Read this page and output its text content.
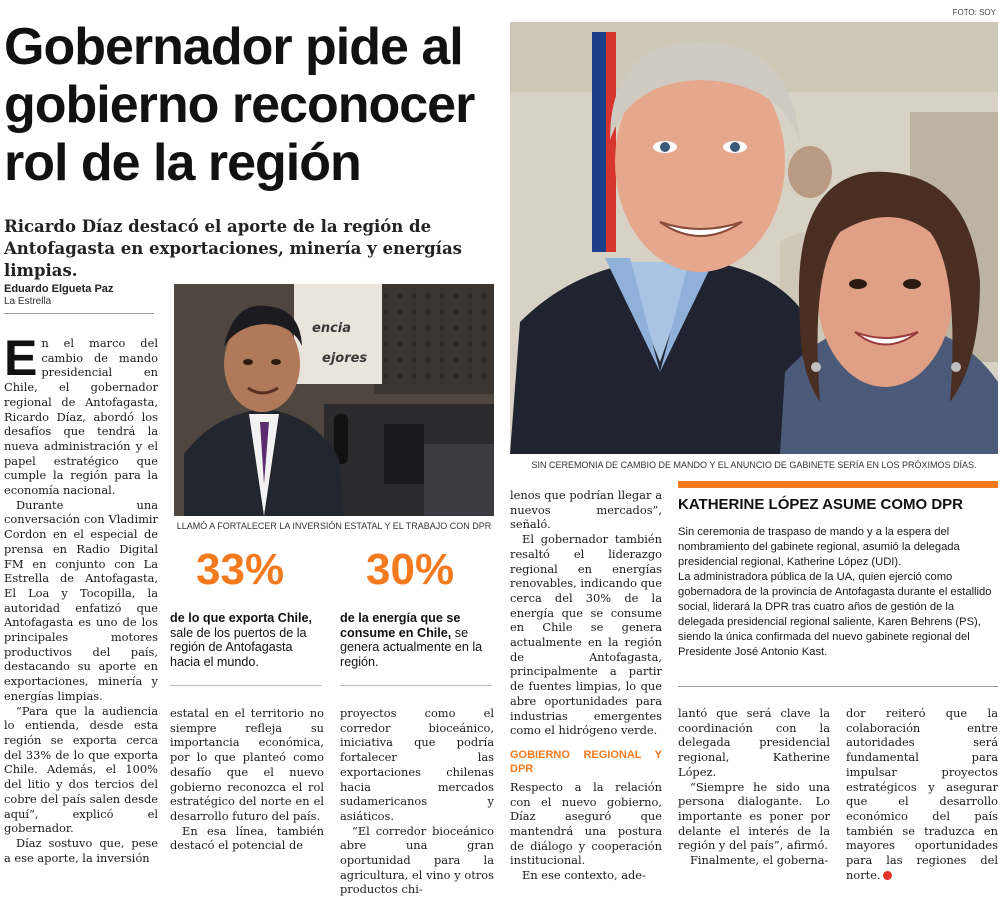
FOTO: SOY
Gobernador pide al gobierno reconocer rol de la región
Ricardo Díaz destacó el aporte de la región de Antofagasta en exportaciones, minería y energías limpias.
Eduardo Elgueta Paz
La Estrella

En el marco del cambio de mando presidencial en Chile, el gobernador regional de Antofagasta, Ricardo Díaz, abordó los desafíos que tendrá la nueva administración y el papel estratégico que cumple la región para la economía nacional.

Durante una conversación con Vladimir Cordon en el especial de prensa en Radio Digital FM en conjunto con La Estrella de Antofagasta, El Loa y Tocopilla, la autoridad enfatizó que Antofagasta es uno de los principales motores productivos del país, destacando su aporte en exportaciones, minería y energías limpias.

“Para que la audiencia lo entienda, desde esta región se exporta cerca del 33% de lo que exporta Chile. Además, el 100% del litio y dos tercios del cobre del país salen desde aquí”, explicó el gobernador.

Díaz sostuvo que, pese a ese aporte, la inversión

encia
ejores
LLAMÓ A FORTALECER LA INVERSIÓN ESTATAL Y EL TRABAJO CON DPR
33%
de lo que exporta Chile, sale de los puertos de la región de Antofagasta hacia el mundo.
30%
de la energía que se consume en Chile, se genera actualmente en la región.

estatal en el territorio no siempre refleja su importancia económica, por lo que planteó como desafío que el nuevo gobierno reconozca el rol estratégico del norte en el desarrollo futuro del país.

En esa línea, también destacó el potencial de

proyectos como el corredor bioceánico, iniciativa que podría fortalecer las exportaciones chilenas hacia mercados sudamericanos y asiáticos.

“El corredor bioceánico abre una gran oportunidad para la agricultura, el vino y otros productos chi-

lenos que podrían llegar a nuevos mercados”, señaló.

El gobernador también resaltó el liderazgo regional en energías renovables, indicando que cerca del 30% de la energía que se consume en Chile se genera actualmente en la región de Antofagasta, principalmente a partir de fuentes limpias, lo que abre oportunidades para industrias emergentes como el hidrógeno verde.

GOBIERNO REGIONAL Y DPR

Respecto a la relación con el nuevo gobierno, Díaz aseguró que mantendrá una postura de diálogo y cooperación institucional.

En ese contexto, ade-

SIN CEREMONIA DE CAMBIO DE MANDO Y EL ANUNCIO DE GABINETE SERÍA EN LOS PRÓXIMOS DÍAS.
KATHERINE LÓPEZ ASUME COMO DPR

Sin ceremonia de traspaso de mando y a la espera del nombramiento del gabinete regional, asumió la delegada presidencial regional, Katherine López (UDI).

La administradora pública de la UA, quien ejerció como gobernadora de la provincia de Antofagasta durante el estallido social, liderará la DPR tras cuatro años de gestión de la delegada presidencial regional saliente, Karen Behrens (PS), siendo la única confirmada del nuevo gabinete regional del Presidente José Antonio Kast.

lantó que será clave la coordinación con la delegada presidencial regional, Katherine López.

“Siempre he sido una persona dialogante. Lo importante es poner por delante el interés de la región y del país”, afirmó.

Finalmente, el goberna-

dor reiteró que la colaboración entre autoridades será fundamental para impulsar proyectos estratégicos y asegurar que el desarrollo económico del país también se traduzca en mayores oportunidades para las regiones del norte.
